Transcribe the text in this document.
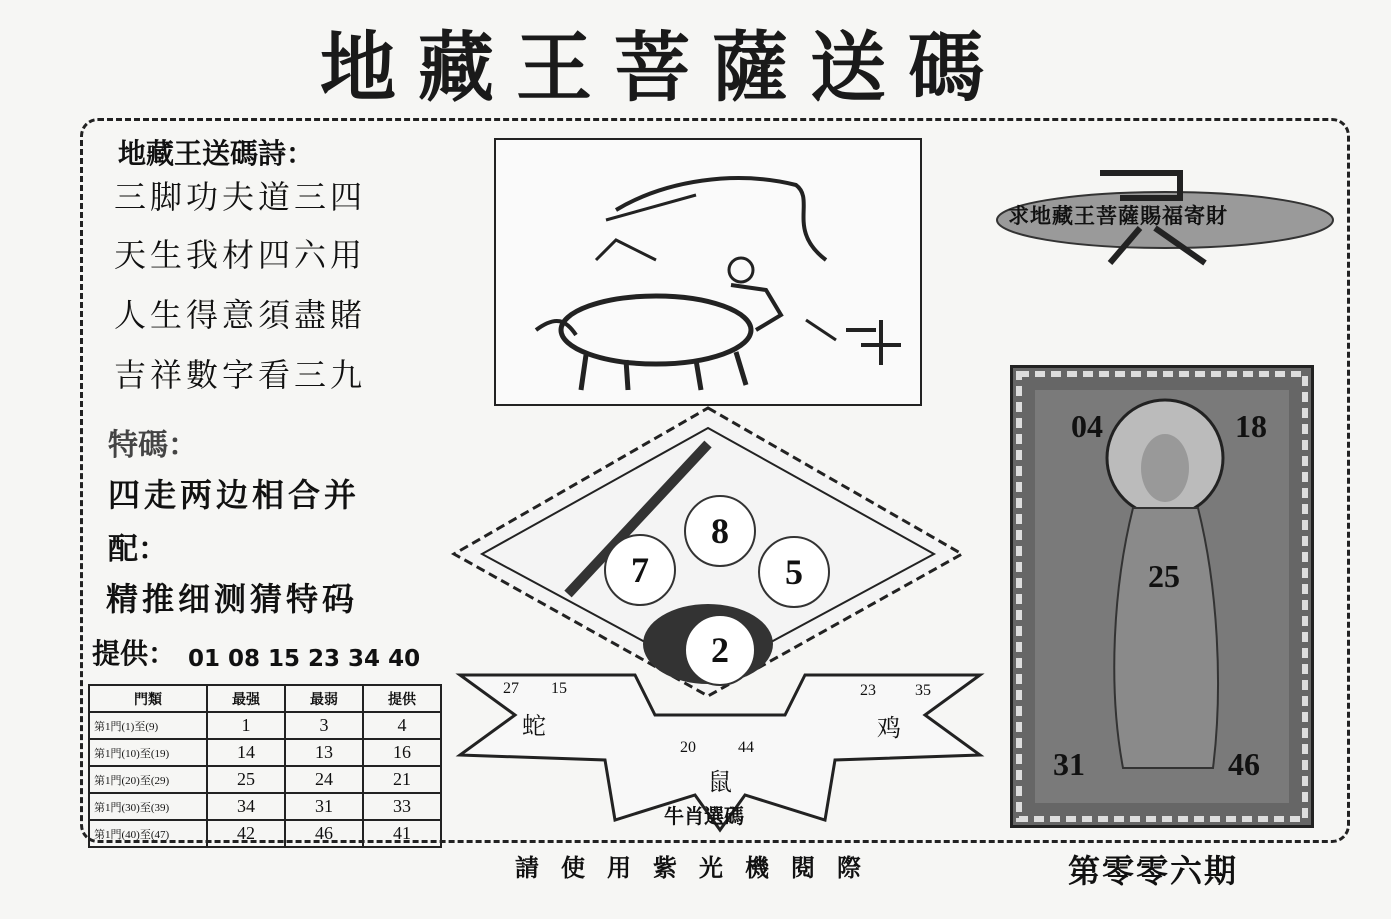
地藏王菩薩送碼
地藏王送碼詩：
三脚功夫道三四
天生我材四六用
人生得意須盡賭
吉祥數字看三九
特碼：
四走两边相合并
配：
精推细测猜特码
提供： 01 08 15 23 34 40
門類	最强	最弱	提供
第1門(1)至(9)	1	3	4
第1門(10)至(19)	14	13	16
第1門(20)至(29)	25	24	21
第1門(30)至(39)	34	31	33
第1門(40)至(47)	42	46	41
求地藏王菩薩賜福寄財
04	18
25
31	46
8
7	5
2
27 15
蛇
23 35
鸡
20	44
鼠
牛肖選碼
請使用紫光機閱際	第零零六期
